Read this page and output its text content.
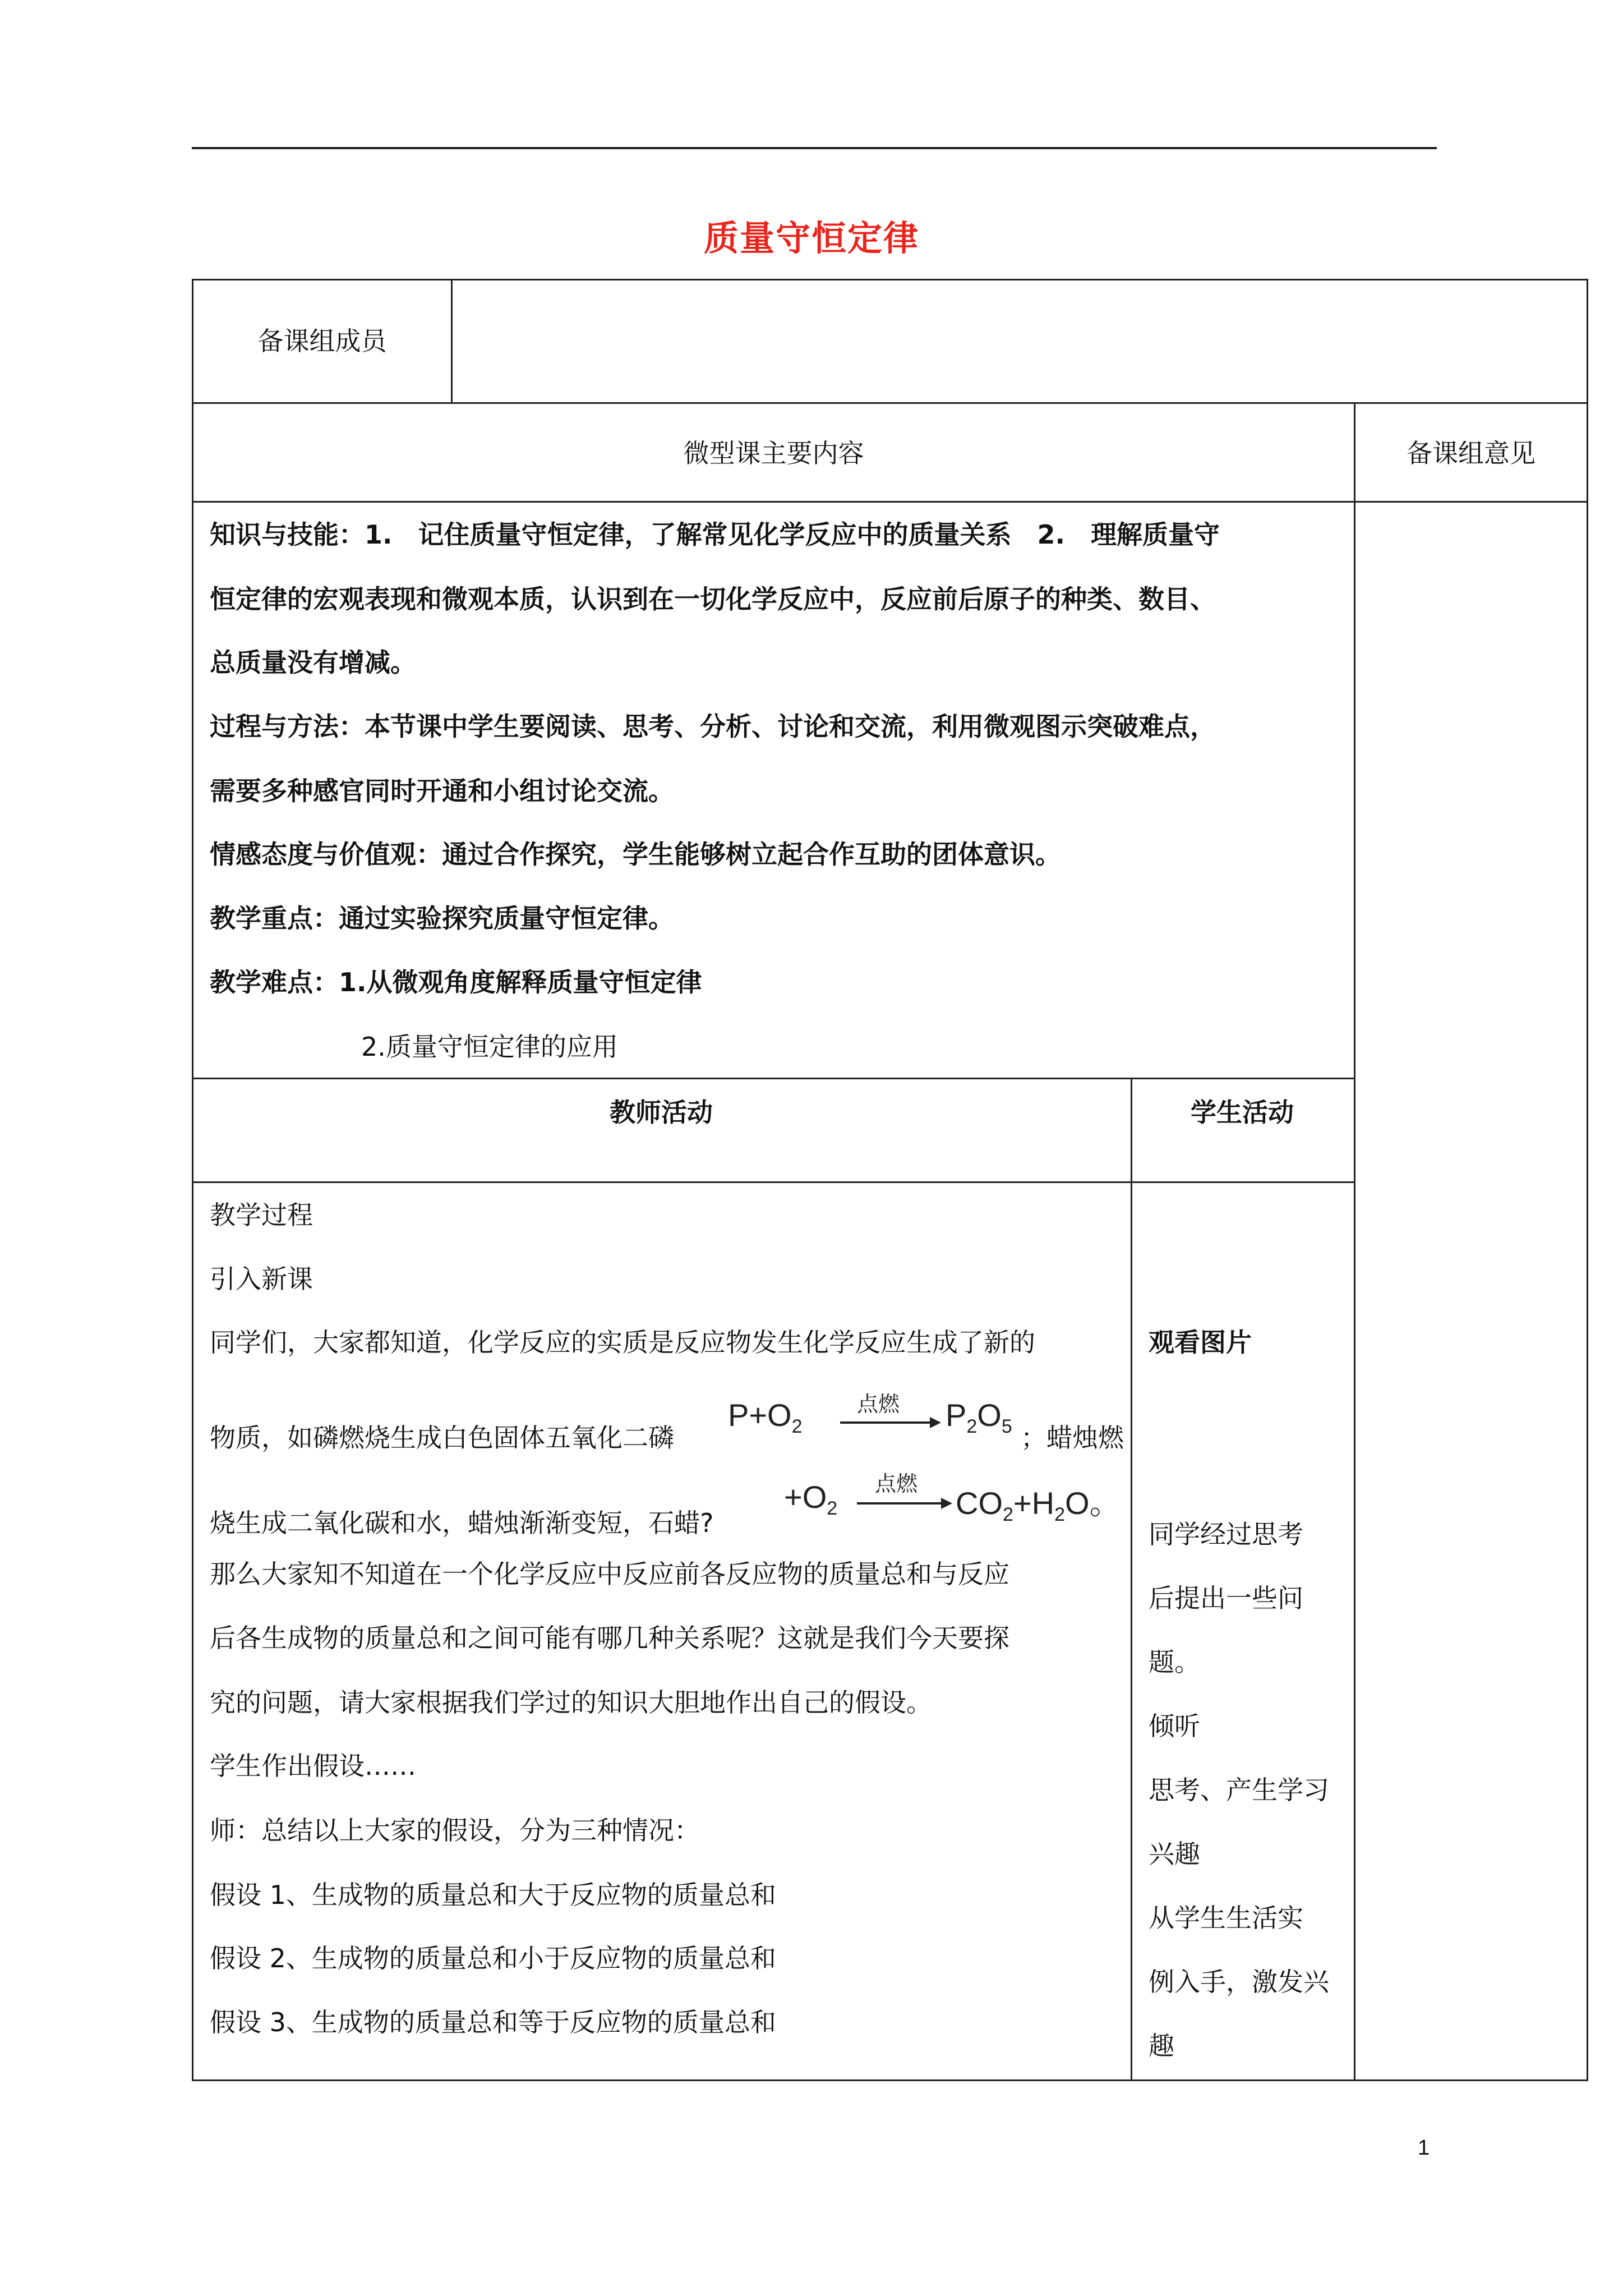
质量守恒定律
备课组成员
微型课主要内容	备课组意见
知识与技能：1.　记住质量守恒定律，了解常见化学反应中的质量关系　2.　理解质量守
恒定律的宏观表现和微观本质，认识到在一切化学反应中，反应前后原子的种类、数目、
总质量没有增减。
过程与方法：本节课中学生要阅读、思考、分析、讨论和交流，利用微观图示突破难点，
需要多种感官同时开通和小组讨论交流。
情感态度与价值观：通过合作探究，学生能够树立起合作互助的团体意识。
教学重点：通过实验探究质量守恒定律。
教学难点：1.从微观角度解释质量守恒定律
2.质量守恒定律的应用
教师活动	学生活动
教学过程
引入新课
同学们，大家都知道，化学反应的实质是反应物发生化学反应生成了新的
物质，如磷燃烧生成白色固体五氧化二磷
$P+O_2$
点燃 $P_2O_5$ ；蜡烛燃
烧生成二氧化碳和水，蜡烛渐渐变短，石蜡?
$+O_2$
点燃
$CO_2+H_2O$。
那么大家知不知道在一个化学反应中反应前各反应物的质量总和与反应
后各生成物的质量总和之间可能有哪几种关系呢？这就是我们今天要探
究的问题，请大家根据我们学过的知识大胆地作出自己的假设。
学生作出假设……
师：总结以上大家的假设，分为三种情况：
假设 1、生成物的质量总和大于反应物的质量总和
假设 2、生成物的质量总和小于反应物的质量总和
假设 3、生成物的质量总和等于反应物的质量总和
观看图片
同学经过思考
后提出一些问
题。
倾听
思考、产生学习
兴趣
从学生生活实
例入手，激发兴
趣
1
